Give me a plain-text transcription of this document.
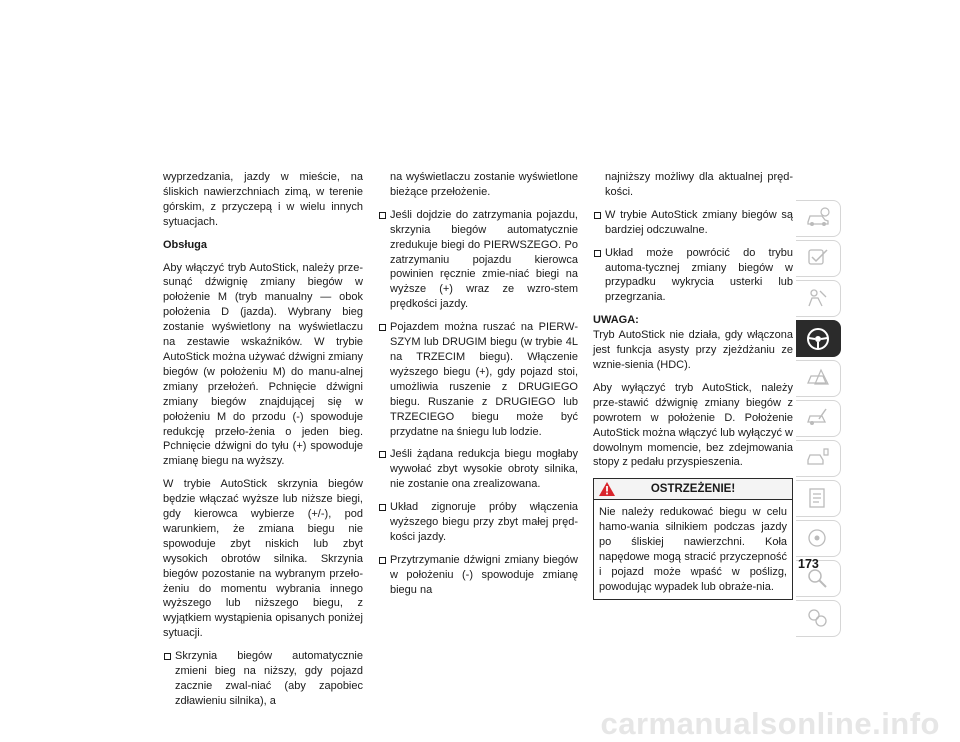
wyprzedzania, jazdy w mieście, na śliskich nawierzchniach zimą, w terenie górskim, z przyczepą i w wielu innych sytuacjach.

Obsługa

Aby włączyć tryb AutoStick, należy prze-sunąć dźwignię zmiany biegów w położenie M (tryb manualny — obok położenia D (jazda). Wybrany bieg zostanie wyświetlony na wyświetlaczu na zestawie wskaźników. W trybie AutoStick można używać dźwigni zmiany biegów (w położeniu M) do manu-alnej zmiany przełożeń. Pchnięcie dźwigni zmiany biegów znajdującej się w położeniu M do przodu (-) spowoduje redukcję przeło-żenia o jeden bieg. Pchnięcie dźwigni do tyłu (+) spowoduje zmianę biegu na wyższy.

W trybie AutoStick skrzynia biegów będzie włączać wyższe lub niższe biegi, gdy kierowca wybierze (+/-), pod warunkiem, że zmiana biegu nie spowoduje zbyt niskich lub zbyt wysokich obrotów silnika. Skrzynia biegów pozostanie na wybranym przeło-żeniu do momentu wybrania innego wyższego lub niższego biegu, z wyjątkiem wystąpienia opisanych poniżej sytuacji.

Skrzynia biegów automatycznie zmieni bieg na niższy, gdy pojazd zacznie zwal-niać (aby zapobiec zdławieniu silnika), a
na wyświetlaczu zostanie wyświetlone bieżące przełożenie.
Jeśli dojdzie do zatrzymania pojazdu, skrzynia biegów automatycznie zredukuje biegi do PIERWSZEGO. Po zatrzymaniu pojazdu kierowca powinien ręcznie zmie-niać biegi na wyższe (+) wraz ze wzro-stem prędkości jazdy.
Pojazdem można ruszać na PIERW-SZYM lub DRUGIM biegu (w trybie 4L na TRZECIM biegu). Włączenie wyższego biegu (+), gdy pojazd stoi, umożliwia ruszenie z DRUGIEGO biegu. Ruszanie z DRUGIEGO lub TRZECIEGO biegu może być przydatne na śniegu lub lodzie.
Jeśli żądana redukcja biegu mogłaby wywołać zbyt wysokie obroty silnika, nie zostanie ona zrealizowana.
Układ zignoruje próby włączenia wyższego biegu przy zbyt małej pręd-kości jazdy.
Przytrzymanie dźwigni zmiany biegów w położeniu (-) spowoduje zmianę biegu na
najniższy możliwy dla aktualnej pręd-kości.
W trybie AutoStick zmiany biegów są bardziej odczuwalne.
Układ może powrócić do trybu automa-tycznej zmiany biegów w przypadku wykrycia usterki lub przegrzania.
UWAGA:

Tryb AutoStick nie działa, gdy włączona jest funkcja asysty przy zjeżdżaniu ze wznie-sienia (HDC).

Aby wyłączyć tryb AutoStick, należy prze-stawić dźwignię zmiany biegów z powrotem w położenie D. Położenie AutoStick można włączyć lub wyłączyć w dowolnym momencie, bez zdejmowania stopy z pedału przyspieszenia.

OSTRZEŻENIE!
Nie należy redukować biegu w celu hamo-wania silnikiem podczas jazdy po śliskiej nawierzchni. Koła napędowe mogą stracić przyczepność i pojazd może wpaść w poślizg, powodując wypadek lub obraże-nia.
173
carmanualsonline.info
